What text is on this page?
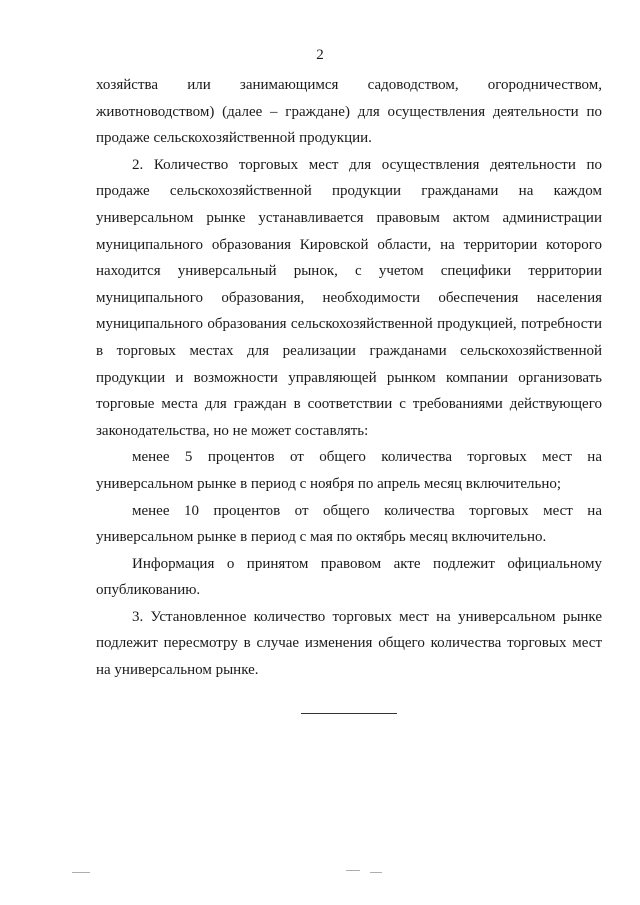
2

хозяйства или занимающимся садоводством, огородничеством, животноводством) (далее – граждане) для осуществления деятельности по продаже сельскохозяйственной продукции.

2. Количество торговых мест для осуществления деятельности по продаже сельскохозяйственной продукции гражданами на каждом универсальном рынке устанавливается правовым актом администрации муниципального образования Кировской области, на территории которого находится универсальный рынок, с учетом специфики территории муниципального образования, необходимости обеспечения населения муниципального образования сельскохозяйственной продукцией, потребности в торговых местах для реализации гражданами сельскохозяйственной продукции и возможности управляющей рынком компании организовать торговые места для граждан в соответствии с требованиями действующего законодательства, но не может составлять:

менее 5 процентов от общего количества торговых мест на универсальном рынке в период с ноября по апрель месяц включительно;

менее 10 процентов от общего количества торговых мест на универсальном рынке в период с мая по октябрь месяц включительно.

Информация о принятом правовом акте подлежит официальному опубликованию.

3. Установленное количество торговых мест на универсальном рынке подлежит пересмотру в случае изменения общего количества торговых мест на универсальном рынке.
